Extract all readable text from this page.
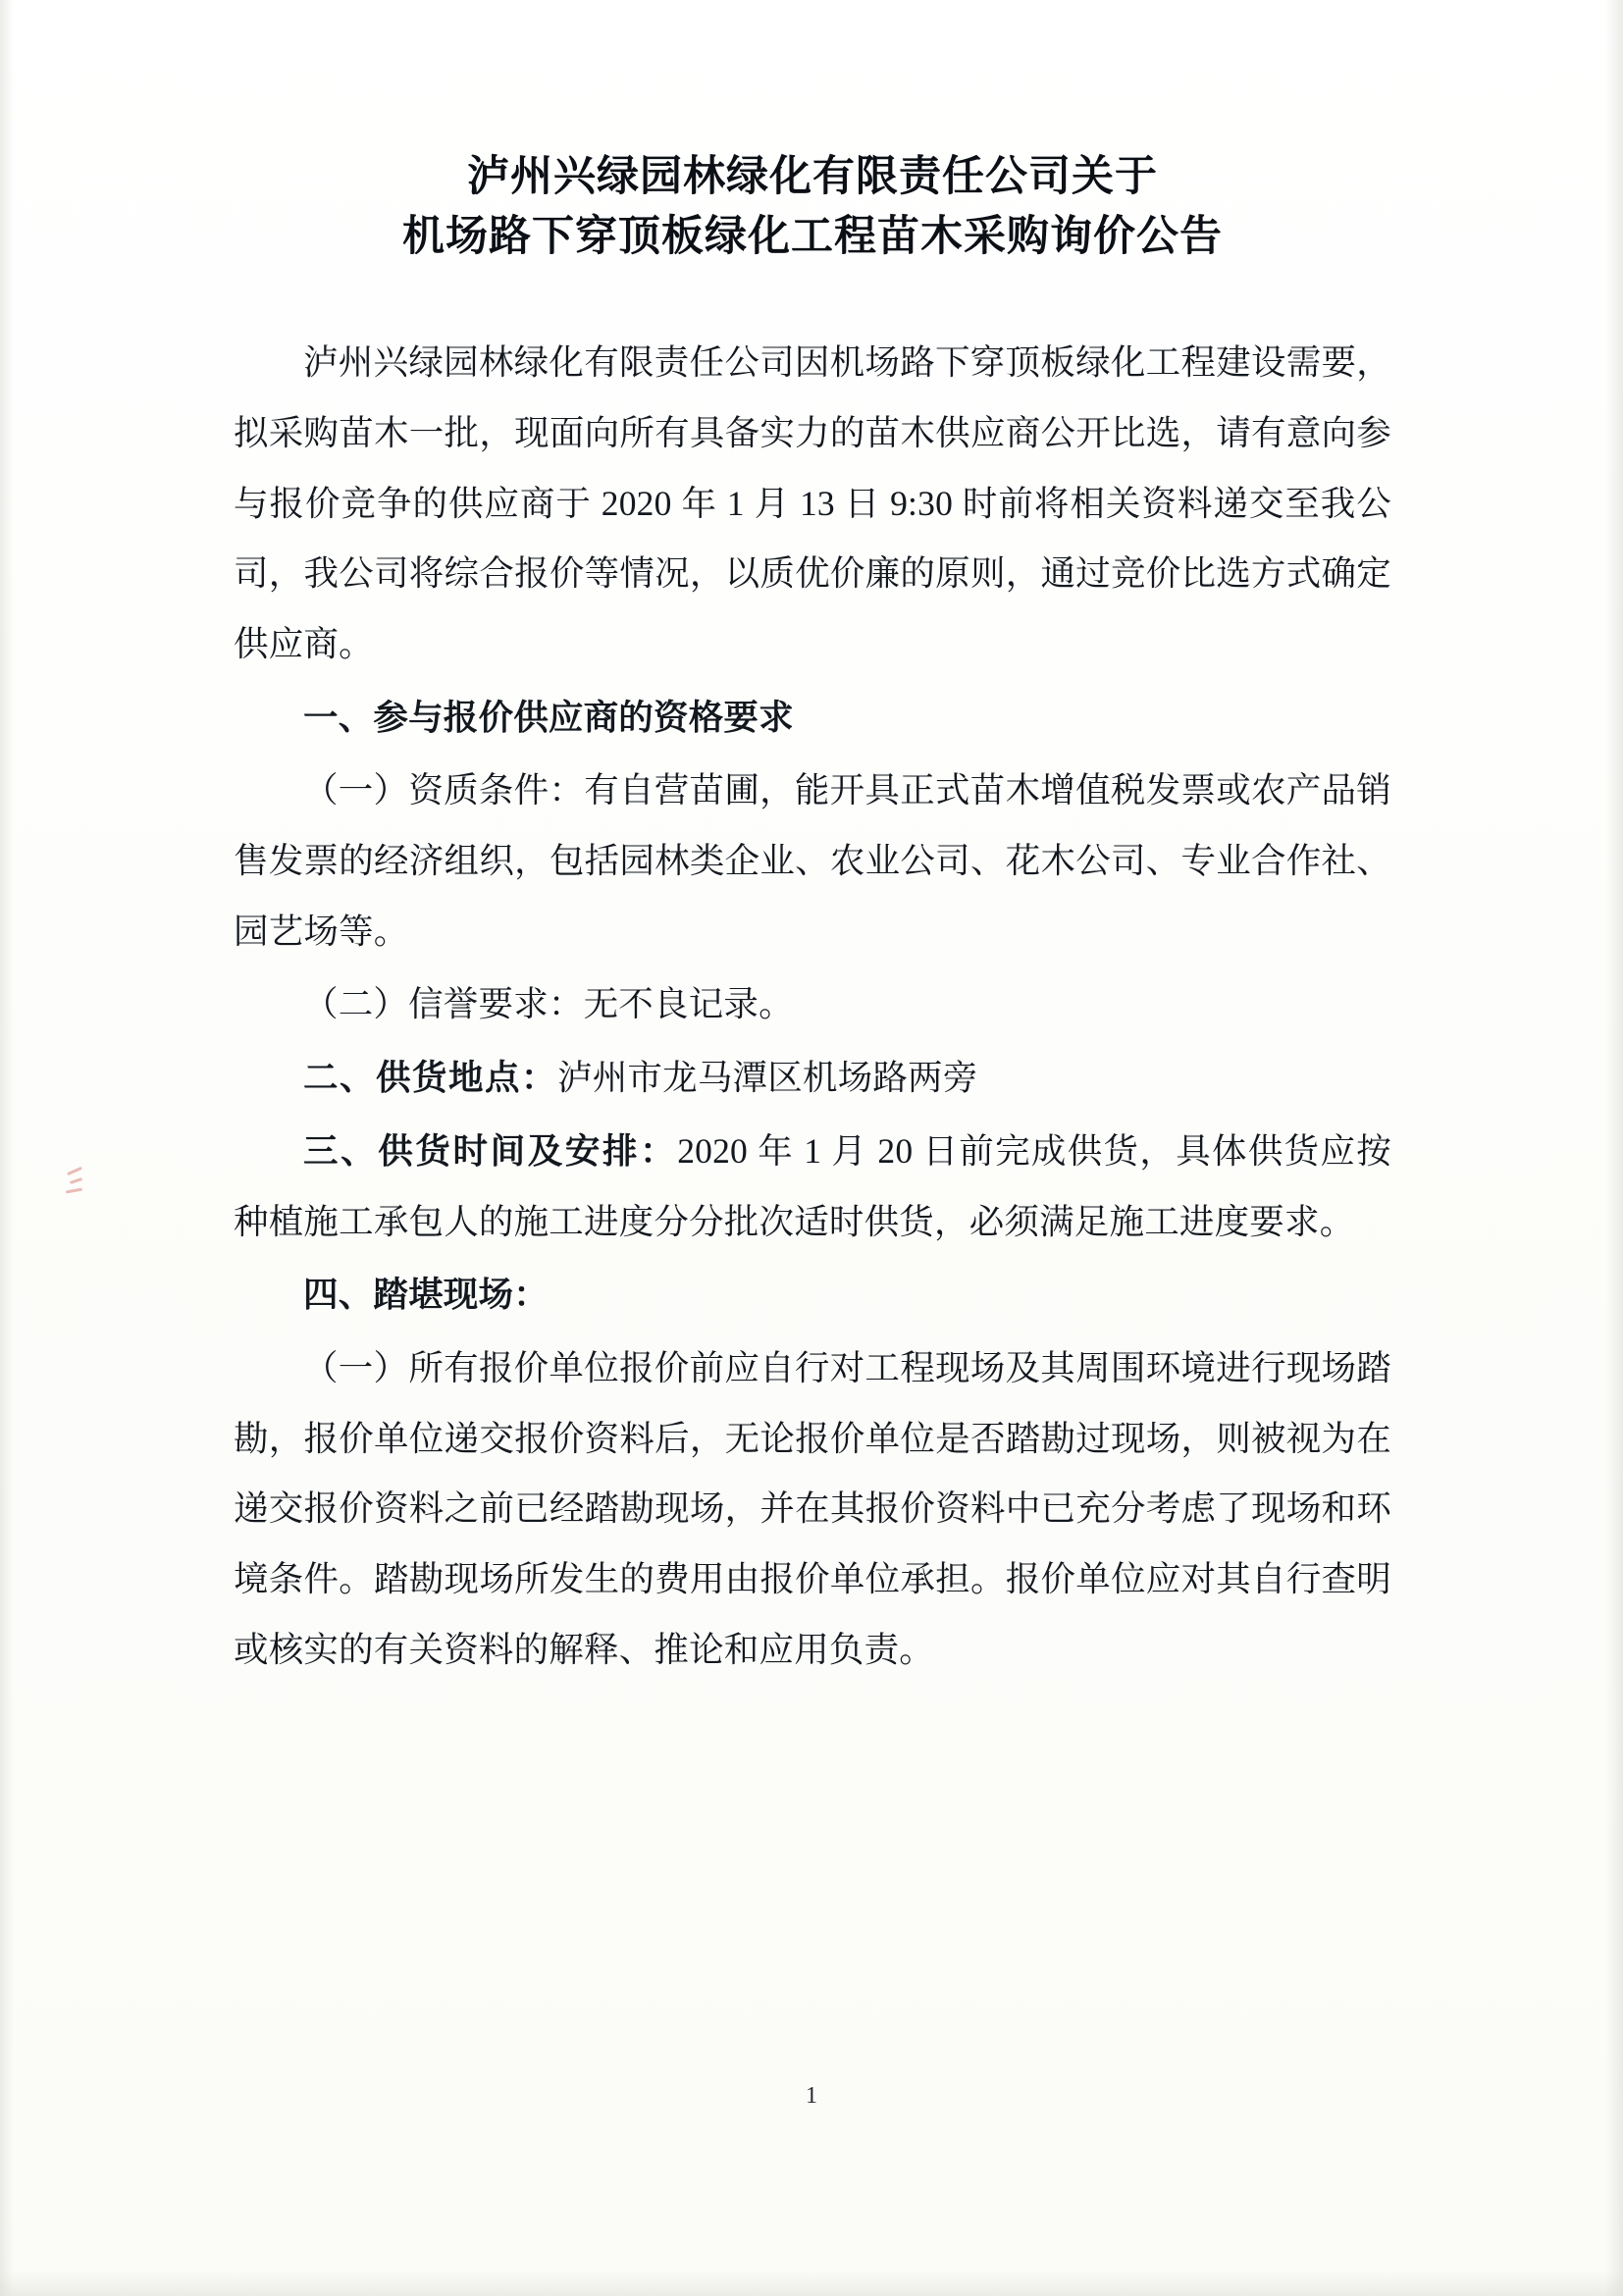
泸州兴绿园林绿化有限责任公司关于
机场路下穿顶板绿化工程苗木采购询价公告

泸州兴绿园林绿化有限责任公司因机场路下穿顶板绿化工程建设需要，拟采购苗木一批，现面向所有具备实力的苗木供应商公开比选，请有意向参与报价竞争的供应商于 2020 年 1 月 13 日 9:30 时前将相关资料递交至我公司，我公司将综合报价等情况，以质优价廉的原则，通过竞价比选方式确定供应商。

一、参与报价供应商的资格要求

（一）资质条件：有自营苗圃，能开具正式苗木增值税发票或农产品销售发票的经济组织，包括园林类企业、农业公司、花木公司、专业合作社、园艺场等。

（二）信誉要求：无不良记录。

二、供货地点：泸州市龙马潭区机场路两旁

三、供货时间及安排：2020 年 1 月 20 日前完成供货，具体供货应按种植施工承包人的施工进度分分批次适时供货，必须满足施工进度要求。

四、踏堪现场：

（一）所有报价单位报价前应自行对工程现场及其周围环境进行现场踏勘，报价单位递交报价资料后，无论报价单位是否踏勘过现场，则被视为在递交报价资料之前已经踏勘现场，并在其报价资料中已充分考虑了现场和环境条件。踏勘现场所发生的费用由报价单位承担。报价单位应对其自行查明或核实的有关资料的解释、推论和应用负责。

1
